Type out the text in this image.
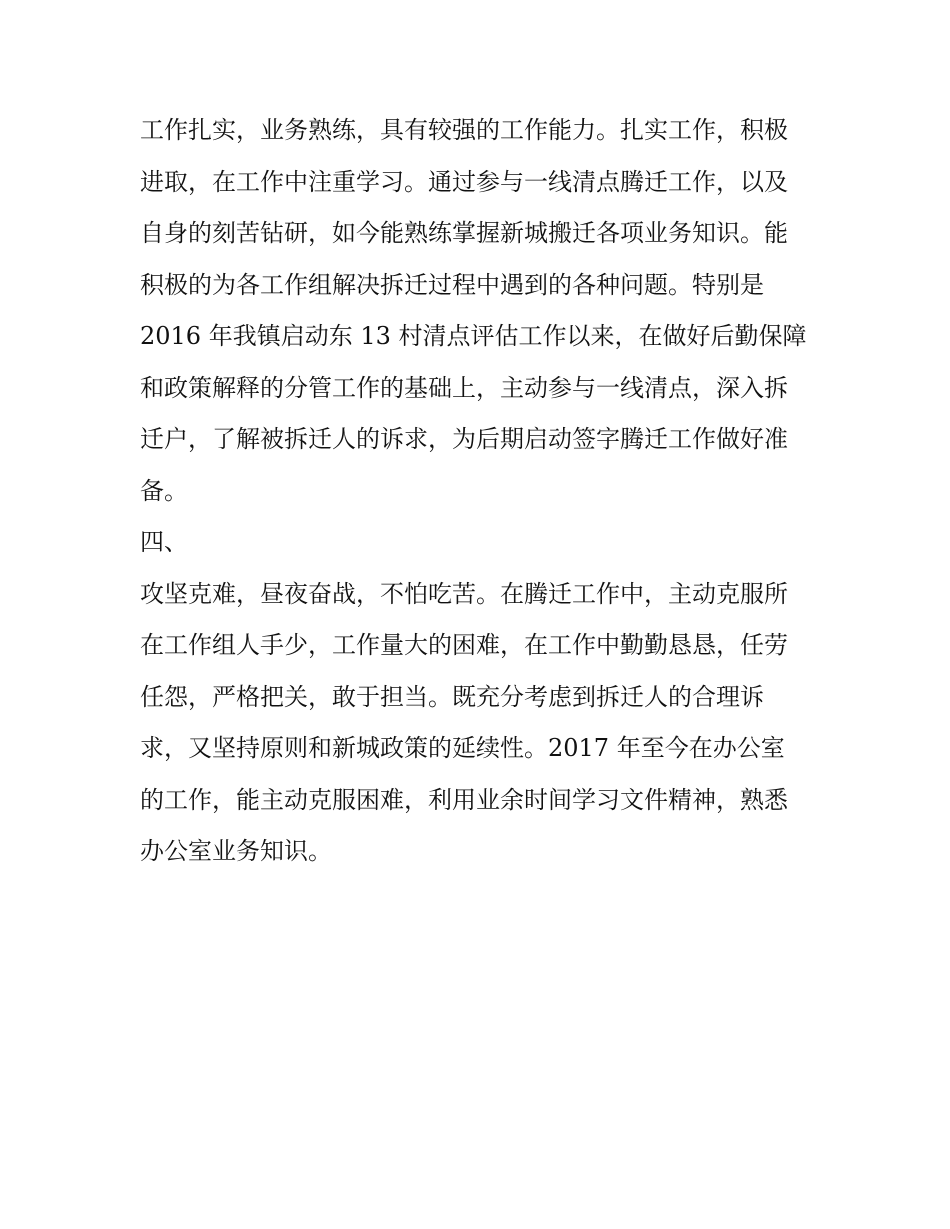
工作扎实，业务熟练，具有较强的工作能力。扎实工作，积极
进取，在工作中注重学习。通过参与一线清点腾迁工作，以及
自身的刻苦钻研，如今能熟练掌握新城搬迁各项业务知识。能
积极的为各工作组解决拆迁过程中遇到的各种问题。特别是
2016 年我镇启动东 13 村清点评估工作以来，在做好后勤保障
和政策解释的分管工作的基础上，主动参与一线清点，深入拆
迁户，了解被拆迁人的诉求，为后期启动签字腾迁工作做好准
备。
四、
攻坚克难，昼夜奋战，不怕吃苦。在腾迁工作中，主动克服所
在工作组人手少，工作量大的困难，在工作中勤勤恳恳，任劳
任怨，严格把关，敢于担当。既充分考虑到拆迁人的合理诉
求，又坚持原则和新城政策的延续性。2017 年至今在办公室
的工作，能主动克服困难，利用业余时间学习文件精神，熟悉
办公室业务知识。
